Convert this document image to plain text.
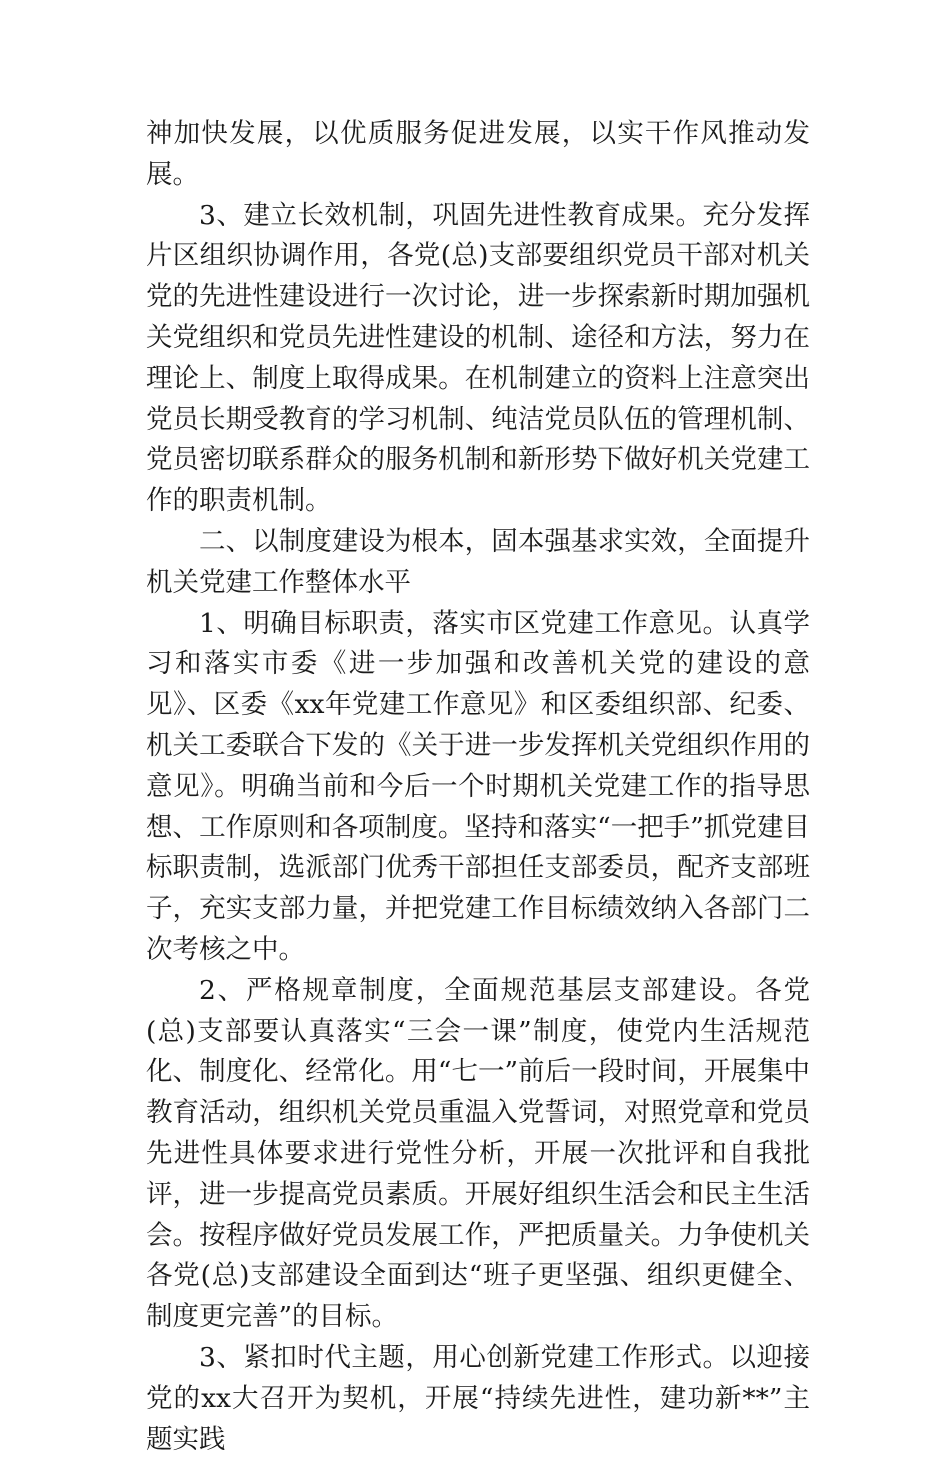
神加快发展，以优质服务促进发展，以实干作风推动发展。

3、建立长效机制，巩固先进性教育成果。充分发挥片区组织协调作用，各党(总)支部要组织党员干部对机关党的先进性建设进行一次讨论，进一步探索新时期加强机关党组织和党员先进性建设的机制、途径和方法，努力在理论上、制度上取得成果。在机制建立的资料上注意突出党员长期受教育的学习机制、纯洁党员队伍的管理机制、党员密切联系群众的服务机制和新形势下做好机关党建工作的职责机制。

二、以制度建设为根本，固本强基求实效，全面提升机关党建工作整体水平

1、明确目标职责，落实市区党建工作意见。认真学习和落实市委《进一步加强和改善机关党的建设的意见》、区委《xx年党建工作意见》和区委组织部、纪委、机关工委联合下发的《关于进一步发挥机关党组织作用的意见》。明确当前和今后一个时期机关党建工作的指导思想、工作原则和各项制度。坚持和落实“一把手”抓党建目标职责制，选派部门优秀干部担任支部委员，配齐支部班子，充实支部力量，并把党建工作目标绩效纳入各部门二次考核之中。

2、严格规章制度，全面规范基层支部建设。各党(总)支部要认真落实“三会一课”制度，使党内生活规范化、制度化、经常化。用“七一”前后一段时间，开展集中教育活动，组织机关党员重温入党誓词，对照党章和党员先进性具体要求进行党性分析，开展一次批评和自我批评，进一步提高党员素质。开展好组织生活会和民主生活会。按程序做好党员发展工作，严把质量关。力争使机关各党(总)支部建设全面到达“班子更坚强、组织更健全、制度更完善”的目标。

3、紧扣时代主题，用心创新党建工作形式。以迎接党的xx大召开为契机，开展“持续先进性，建功新**”主题实践
